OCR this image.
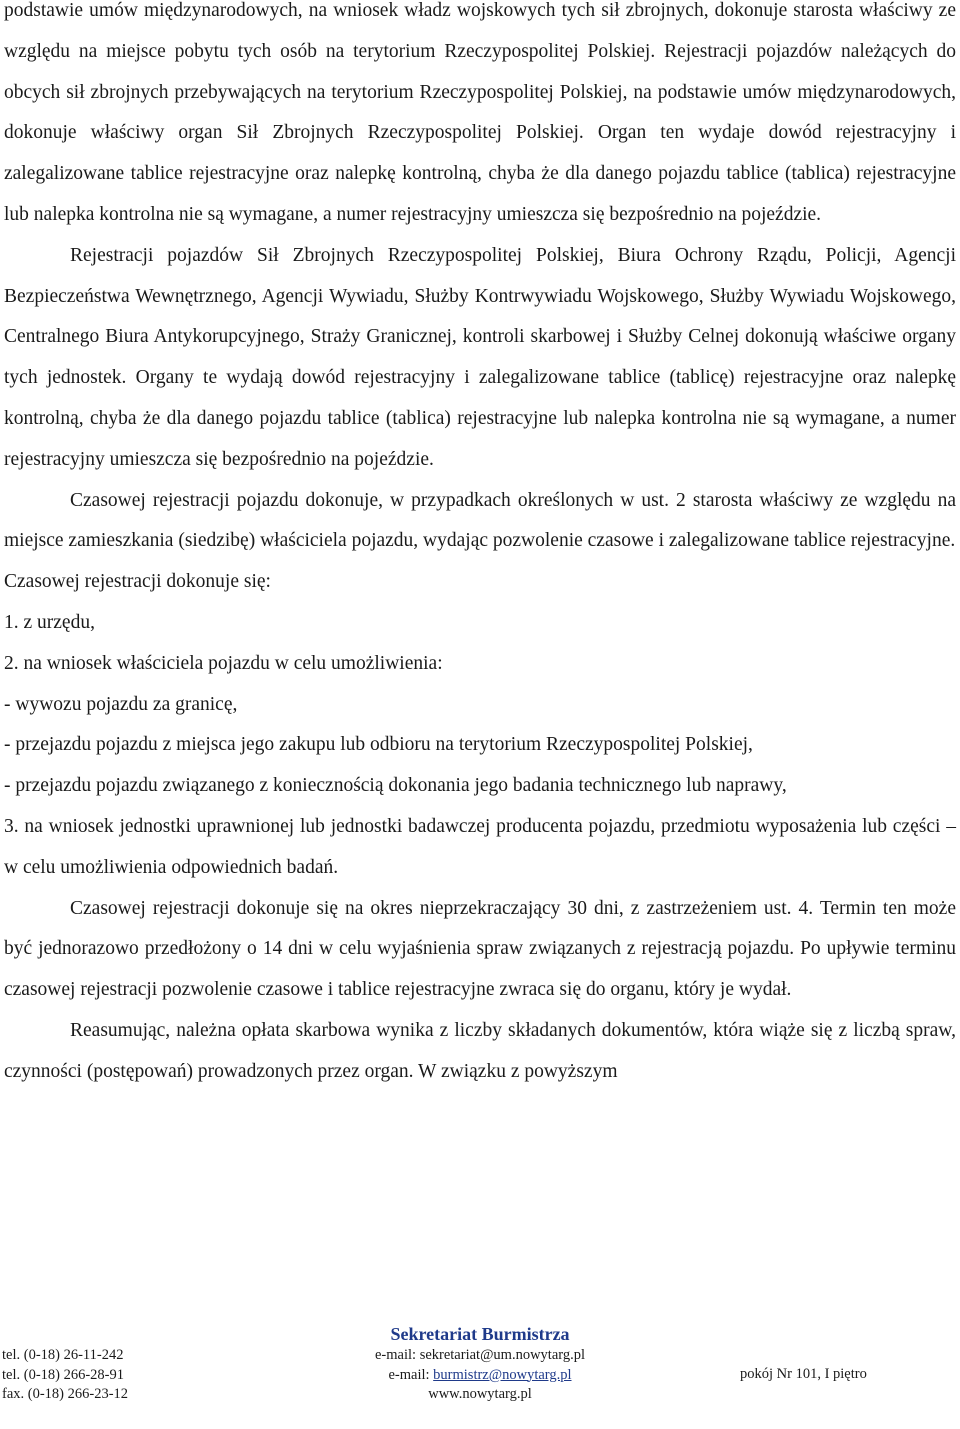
podstawie umów międzynarodowych, na wniosek władz wojskowych tych sił zbrojnych, dokonuje starosta właściwy ze względu na miejsce pobytu tych osób na terytorium Rzeczypospolitej Polskiej. Rejestracji pojazdów należących do obcych sił zbrojnych przebywających na terytorium Rzeczypospolitej Polskiej, na podstawie umów międzynarodowych, dokonuje właściwy organ Sił Zbrojnych Rzeczypospolitej Polskiej. Organ ten wydaje dowód rejestracyjny i zalegalizowane tablice rejestracyjne oraz nalepkę kontrolną, chyba że dla danego pojazdu tablice (tablica) rejestracyjne lub nalepka kontrolna nie są wymagane, a numer rejestracyjny umieszcza się bezpośrednio na pojeździe.

Rejestracji pojazdów Sił Zbrojnych Rzeczypospolitej Polskiej, Biura Ochrony Rządu, Policji, Agencji Bezpieczeństwa Wewnętrznego, Agencji Wywiadu, Służby Kontrwywiadu Wojskowego, Służby Wywiadu Wojskowego, Centralnego Biura Antykorupcyjnego, Straży Granicznej, kontroli skarbowej i Służby Celnej dokonują właściwe organy tych jednostek. Organy te wydają dowód rejestracyjny i zalegalizowane tablice (tablicę) rejestracyjne oraz nalepkę kontrolną, chyba że dla danego pojazdu tablice (tablica) rejestracyjne lub nalepka kontrolna nie są wymagane, a numer rejestracyjny umieszcza się bezpośrednio na pojeździe.

Czasowej rejestracji pojazdu dokonuje, w przypadkach określonych w ust. 2 starosta właściwy ze względu na miejsce zamieszkania (siedzibę) właściciela pojazdu, wydając pozwolenie czasowe i zalegalizowane tablice rejestracyjne.

Czasowej rejestracji dokonuje się:

1. z urzędu,

2. na wniosek właściciela pojazdu w celu umożliwienia:

- wywozu pojazdu za granicę,

- przejazdu pojazdu z miejsca jego zakupu lub odbioru na terytorium Rzeczypospolitej Polskiej,

- przejazdu pojazdu związanego z koniecznością dokonania jego badania technicznego lub naprawy,

3. na wniosek jednostki uprawnionej lub jednostki badawczej producenta pojazdu, przedmiotu wyposażenia lub części – w celu umożliwienia odpowiednich badań.

Czasowej rejestracji dokonuje się na okres nieprzekraczający 30 dni, z zastrzeżeniem ust. 4. Termin ten może być jednorazowo przedłożony o 14 dni w celu wyjaśnienia spraw związanych z rejestracją pojazdu. Po upływie terminu czasowej rejestracji pozwolenie czasowe i tablice rejestracyjne zwraca się do organu, który je wydał.

Reasumując, należna opłata skarbowa wynika z liczby składanych dokumentów, która wiąże się z liczbą spraw, czynności (postępowań) prowadzonych przez organ. W związku z powyższym

Sekretariat Burmistrza
tel. (0-18) 26-11-242
tel. (0-18) 266-28-91
fax. (0-18) 266-23-12
e-mail: sekretariat@um.nowytarg.pl
e-mail: burmistrz@nowytarg.pl
www.nowytarg.pl
pokój Nr 101, I piętro
